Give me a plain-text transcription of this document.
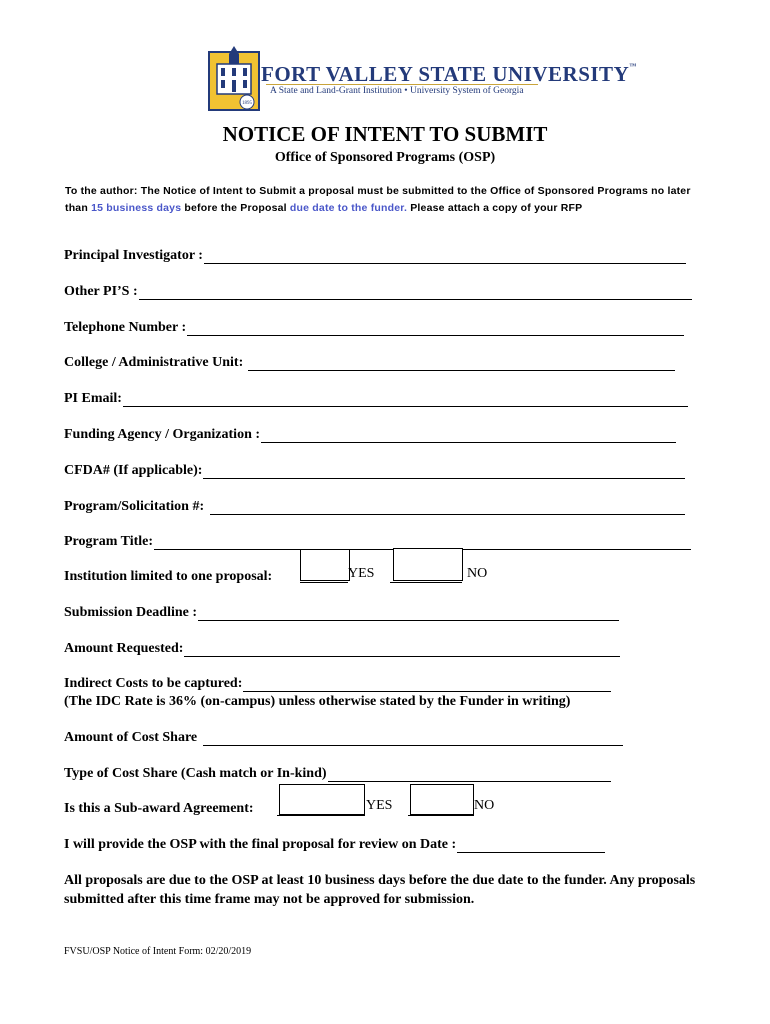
1895
FORT VALLEY STATE UNIVERSITY™
A State and Land-Grant Institution • University System of Georgia
NOTICE OF INTENT TO SUBMIT
Office of Sponsored Programs (OSP)
To the author: The Notice of Intent to Submit a proposal must be submitted to the Office of Sponsored Programs no later than 15 business days before the Proposal due date to the funder. Please attach a copy of your RFP
Principal Investigator :
Other PI’S :
Telephone Number :
College / Administrative Unit:
PI Email:
Funding Agency / Organization :
CFDA# (If applicable):
Program/Solicitation #:
Program Title:
Institution limited to one proposal:	YES	NO
Submission Deadline :
Amount Requested:
Indirect Costs to be captured:
(The IDC Rate is 36% (on-campus) unless otherwise stated by the Funder in writing)
Amount of Cost Share
Type of Cost Share (Cash match or In-kind)
Is this a Sub-award Agreement:	YES	NO
I will provide the OSP with the final proposal for review on Date :
All proposals are due to the OSP at least 10 business days before the due date to the funder. Any proposals submitted after this time frame may not be approved for submission.
FVSU/OSP Notice of Intent Form: 02/20/2019
